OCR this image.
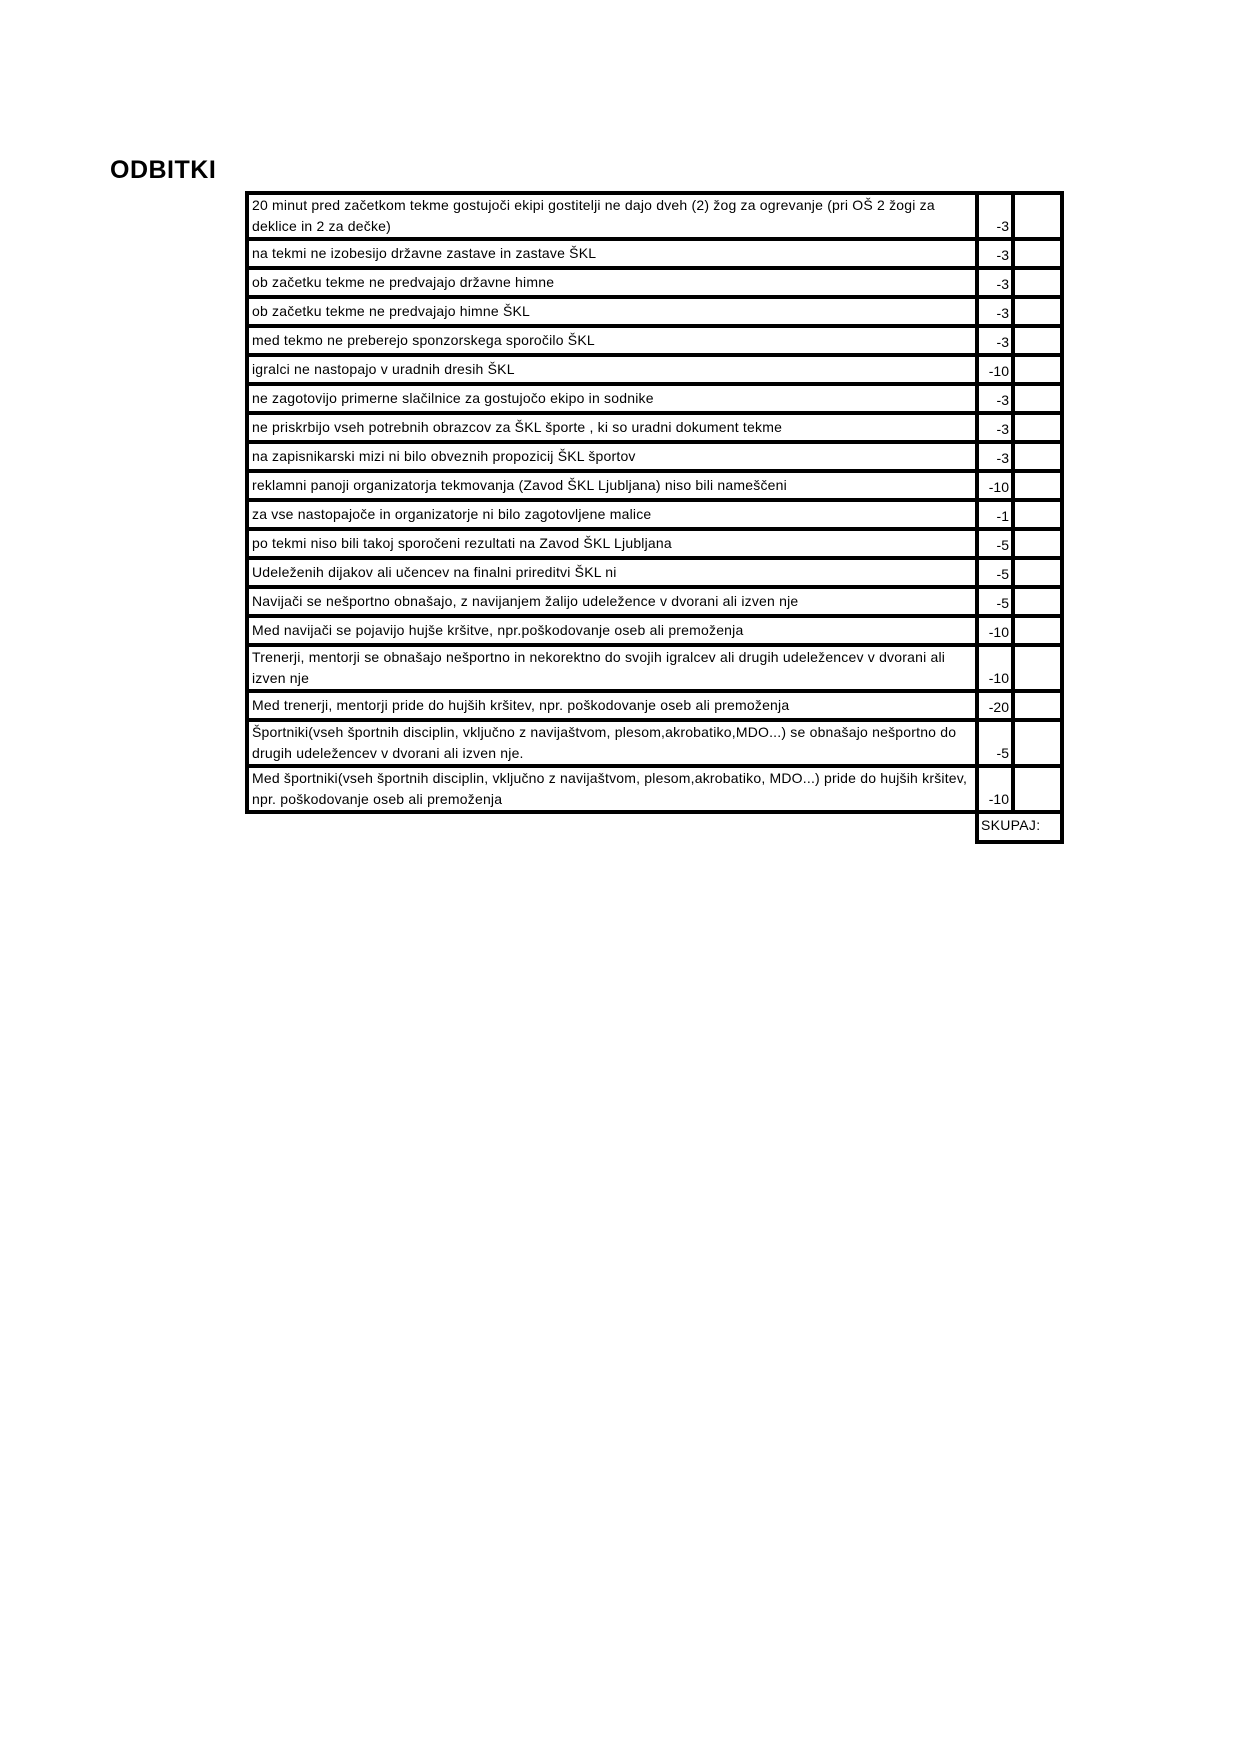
ODBITKI
20 minut pred začetkom tekme gostujoči ekipi gostitelji ne dajo dveh (2) žog za ogrevanje (pri OŠ 2 žogi za deklice in 2 za dečke)	-3	

na tekmi ne izobesijo državne zastave in zastave ŠKL	-3	

ob začetku tekme ne predvajajo državne himne	-3	

ob začetku tekme ne predvajajo himne ŠKL	-3	

med tekmo ne preberejo sponzorskega sporočilo ŠKL	-3	

igralci ne nastopajo v uradnih dresih ŠKL	-10	

ne zagotovijo primerne slačilnice za gostujočo ekipo in sodnike	-3	

ne priskrbijo vseh potrebnih obrazcov za ŠKL športe , ki so uradni dokument tekme	-3	

na zapisnikarski mizi ni bilo obveznih propozicij ŠKL športov	-3	

reklamni panoji organizatorja tekmovanja (Zavod ŠKL Ljubljana) niso bili nameščeni	-10	

za vse nastopajoče in organizatorje ni bilo zagotovljene malice	-1	

po tekmi niso bili takoj sporočeni rezultati na Zavod ŠKL Ljubljana	-5	

Udeleženih dijakov ali učencev na finalni prireditvi ŠKL ni	-5	

Navijači se nešportno obnašajo, z navijanjem žalijo udeležence v dvorani ali izven nje	-5	

Med navijači se pojavijo hujše kršitve, npr.poškodovanje oseb ali premoženja	-10	

Trenerji, mentorji se obnašajo nešportno in nekorektno do svojih igralcev ali drugih udeležencev v dvorani ali izven nje	-10	

Med trenerji, mentorji pride do hujših kršitev, npr. poškodovanje oseb ali premoženja	-20	

Športniki(vseh športnih disciplin, vključno z navijaštvom, plesom,akrobatiko,MDO...) se obnašajo nešportno do drugih udeležencev v dvorani ali izven nje.	-5	

Med športniki(vseh športnih disciplin, vključno z navijaštvom, plesom,akrobatiko, MDO...) pride do hujših kršitev, npr. poškodovanje oseb ali premoženja	-10	
	SKUPAJ:	
